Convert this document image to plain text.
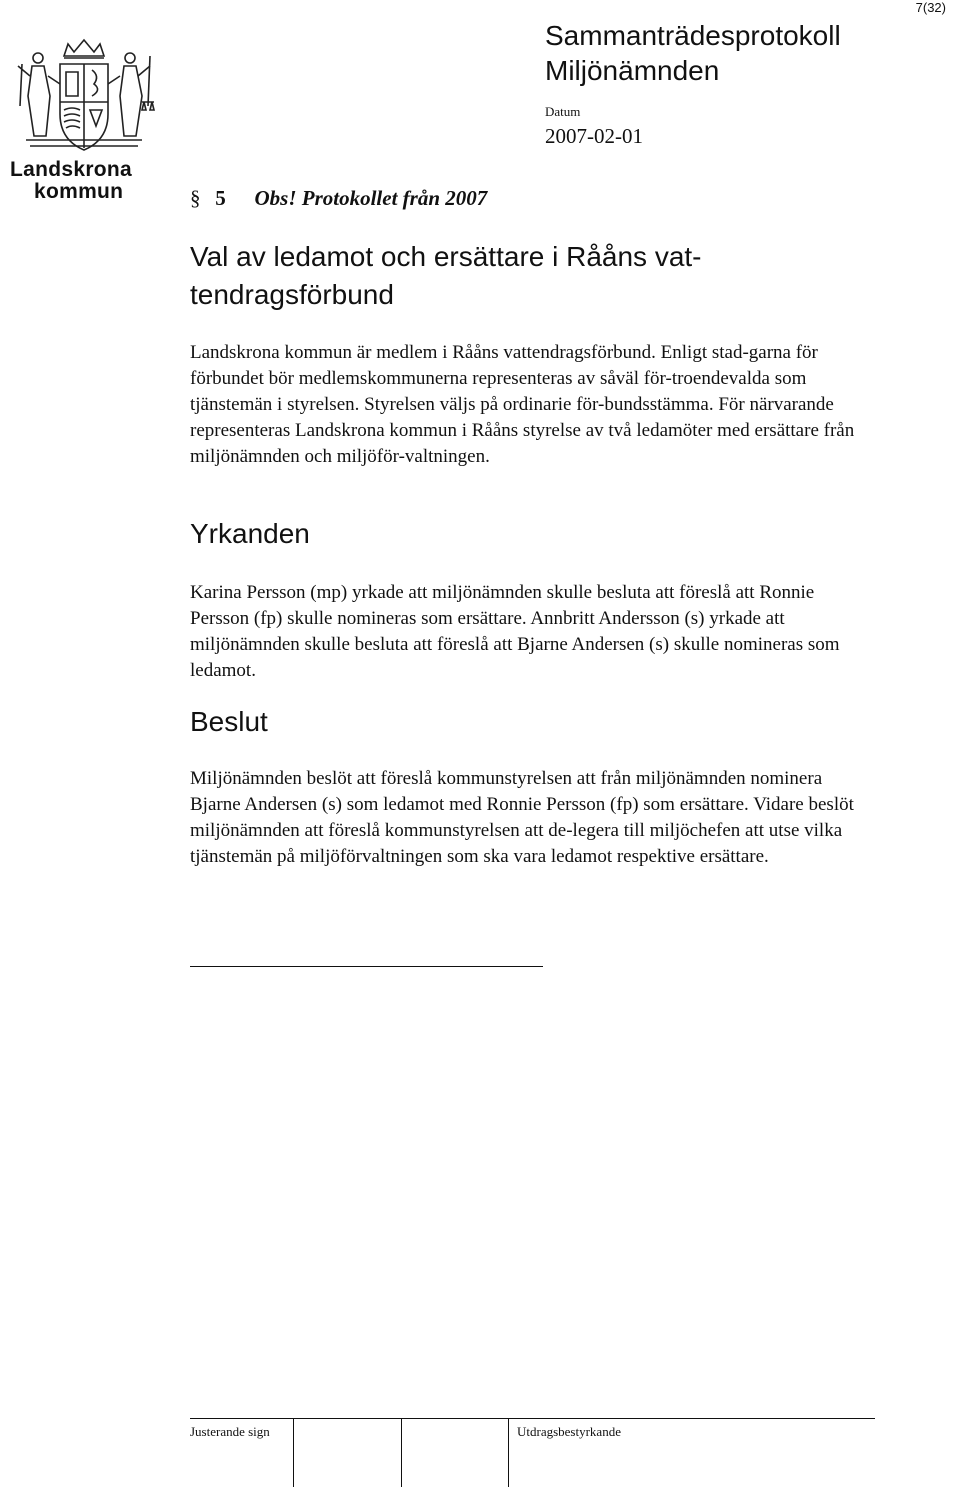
7(32)
Landskrona
kommun
Sammanträdesprotokoll
Miljönämnden
Datum
2007-02-01
§ 5 Obs! Protokollet från 2007
Val av ledamot och ersättare i Rååns vat-tendragsförbund
Landskrona kommun är medlem i Rååns vattendragsförbund. Enligt stad-garna för förbundet bör medlemskommunerna representeras av såväl för-troendevalda som tjänstemän i styrelsen. Styrelsen väljs på ordinarie för-bundsstämma. För närvarande representeras Landskrona kommun i Rååns styrelse av två ledamöter med ersättare från miljönämnden och miljöför-valtningen.
Yrkanden
Karina Persson (mp) yrkade att miljönämnden skulle besluta att föreslå att Ronnie Persson (fp) skulle nomineras som ersättare. Annbritt Andersson (s) yrkade att miljönämnden skulle besluta att föreslå att Bjarne Andersen (s) skulle nomineras som ledamot.
Beslut
Miljönämnden beslöt att föreslå kommunstyrelsen att från miljönämnden nominera Bjarne Andersen (s) som ledamot med Ronnie Persson (fp) som ersättare. Vidare beslöt miljönämnden att föreslå kommunstyrelsen att de-legera till miljöchefen att utse vilka tjänstemän på miljöförvaltningen som ska vara ledamot respektive ersättare.
Justerande sign	Utdragsbestyrkande
